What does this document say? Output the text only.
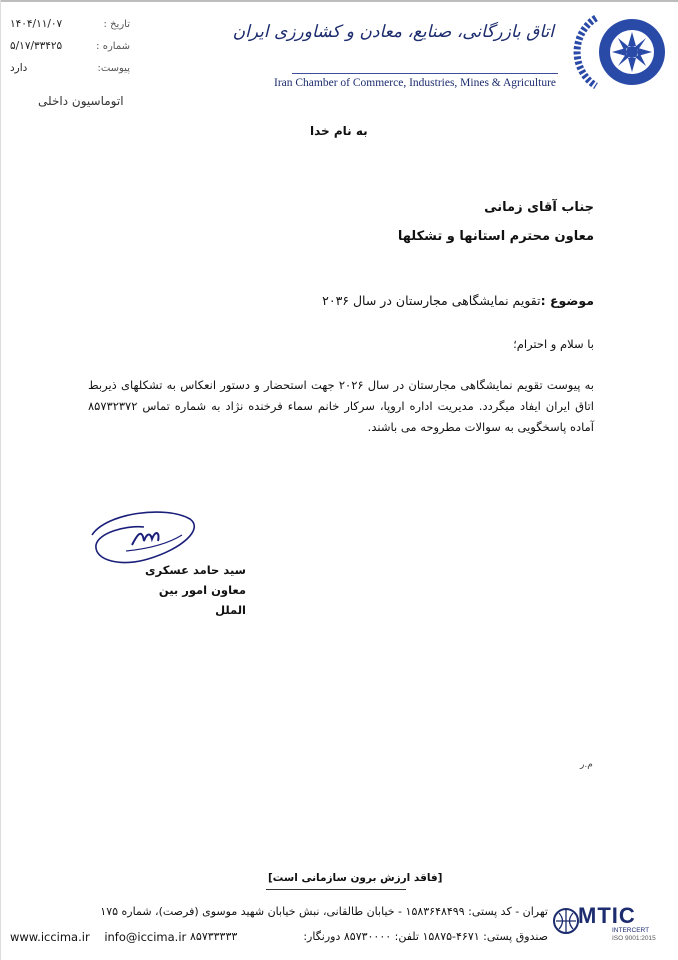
اتاق بازرگانی، صنایع، معادن و کشاورزی ایران
Iran Chamber of Commerce, Industries, Mines & Agriculture
تاریخ :
۱۴۰۴/۱۱/۰۷
شماره :
۵/۱۷/۳۳۴۲۵
پیوست:
دارد
اتوماسیون داخلی
به نام خدا
جناب آقای زمانی
معاون محترم استانها و تشکلها
موضوع :تقویم نمایشگاهی مجارستان در سال ۲۰۳۶
با سلام و احترام؛
به پیوست تقویم نمایشگاهی مجارستان در سال ۲۰۲۶ جهت استحضار و دستور انعکاس به تشکلهای ذیربط اتاق ایران ایفاد میگردد. مدیریت اداره اروپا، سرکار خانم سماء فرخنده نژاد به شماره تماس ۸۵۷۳۲۳۷۲ آماده پاسخگویی به سوالات مطروحه می باشند.
سید حامد عسکری
معاون امور بین الملل
م.ر
[فاقد ارزش برون سازمانی است]
تهران - کد پستی: ۱۵۸۳۶۴۸۴۹۹ - خیابان طالقانی، نبش خیابان شهید موسوی (فرصت)، شماره ۱۷۵
صندوق پستی: ۴۶۷۱-۱۵۸۷۵ تلفن: ۸۵۷۳۰۰۰۰ دورنگار:
۸۵۷۳۳۳۳۳
www.iccima.ir info@iccima.ir
MTIC
INTERCERT
ISO 9001:2015
